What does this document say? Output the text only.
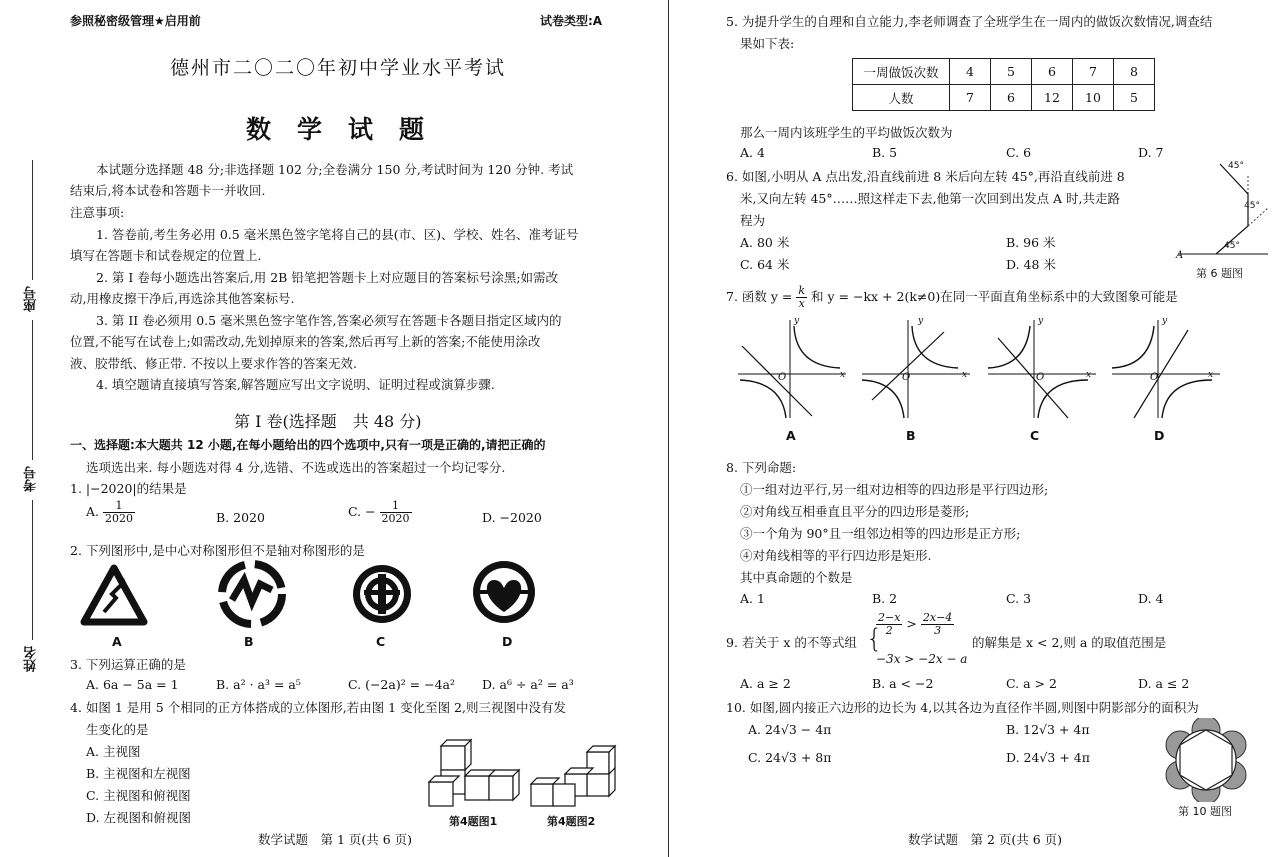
参照秘密级管理★启用前	试卷类型:A
德州市二〇二〇年初中学业水平考试
数学试题
本试题分选择题 48 分;非选择题 102 分;全卷满分 150 分,考试时间为 120 分钟. 考试
结束后,将本试卷和答题卡一并收回.
注意事项:
1. 答卷前,考生务必用 0.5 毫米黑色签字笔将自己的县(市、区)、学校、姓名、准考证号
填写在答题卡和试卷规定的位置上.
2. 第 I 卷每小题选出答案后,用 2B 铅笔把答题卡上对应题目的答案标号涂黑;如需改
动,用橡皮擦干净后,再选涂其他答案标号.
3. 第 II 卷必须用 0.5 毫米黑色签字笔作答,答案必须写在答题卡各题目指定区域内的
位置,不能写在试卷上;如需改动,先划掉原来的答案,然后再写上新的答案;不能使用涂改
液、胶带纸、修正带. 不按以上要求作答的答案无效.
4. 填空题请直接填写答案,解答题应写出文字说明、证明过程或演算步骤.
第 I 卷(选择题　共 48 分)
一、选择题:本大题共 12 小题,在每小题给出的四个选项中,只有一项是正确的,请把正确的
选项选出来. 每小题选对得 4 分,选错、不选或选出的答案超过一个均记零分.
1. |−2020|的结果是
A. $\frac{1}{2020}$	B. 2020	C. − $\frac{1}{2020}$	D. −2020
2. 下列图形中,是中心对称图形但不是轴对称图形的是
A	B	C	D
3. 下列运算正确的是
A. 6a − 5a = 1	B. a² · a³ = a⁵	C. (−2a)² = −4a² D. a⁶ ÷ a² = a³
4. 如图 1 是用 5 个相同的正方体搭成的立体图形,若由图 1 变化至图 2,则三视图中没有发
生变化的是
A. 主视图
B. 主视图和左视图
C. 主视图和俯视图
D. 左视图和俯视图	第4题图1	第4题图2
数学试题　第 1 页(共 6 页)
座号
考号
姓名
5. 为提升学生的自理和自立能力,李老师调查了全班学生在一周内的做饭次数情况,调查结
果如下表:
一周做饭次数	4	5	6	7	8
人数	7	6	12	10	5
那么一周内该班学生的平均做饭次数为
A. 4	B. 5	C. 6	D. 7
6. 如图,小明从 A 点出发,沿直线前进 8 米后向左转 45°,再沿直线前进 8
米,又向左转 45°……照这样走下去,他第一次回到出发点 A 时,共走路
程为
A. 80 米	B. 96 米
C. 64 米	D. 48 米
45°
45°
45°
A
第 6 题图
7. 函数 $y = \frac{k}{x}$ 和 y = −kx + 2(k≠0)在同一平面直角坐标系中的大致图象可能是
y	y	y	y
x	x	x	x
O	O	O	O
A	B	C	D
8. 下列命题:
①一组对边平行,另一组对边相等的四边形是平行四边形;
②对角线互相垂直且平分的四边形是菱形;
③一个角为 90°且一组邻边相等的四边形是正方形;
④对角线相等的平行四边形是矩形.
其中真命题的个数是
A. 1	B. 2	C. 3	D. 4
9. 若关于 x 的不等式组 {
$\frac{2-x}{2} > \frac{2x-4}{3}$
−3x > −2x − a
的解集是 x < 2,则 a 的取值范围是
A. a ≥ 2	B. a < −2	C. a > 2	D. a ≤ 2
10. 如图,圆内接正六边形的边长为 4,以其各边为直径作半圆,则图中阴影部分的面积为
A. 24√3 − 4π	B. 12√3 + 4π
C. 24√3 + 8π	D. 24√3 + 4π
第 10 题图
数学试题　第 2 页(共 6 页)
